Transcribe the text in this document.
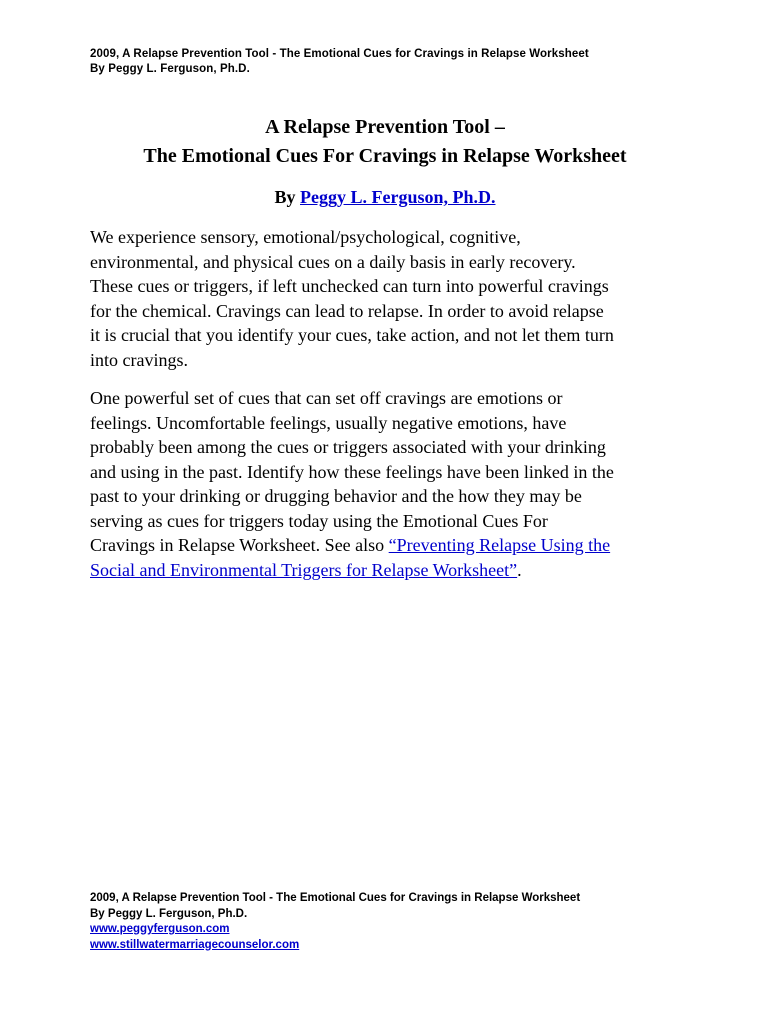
2009, A Relapse Prevention Tool - The Emotional Cues for Cravings in Relapse Worksheet
By Peggy L. Ferguson, Ph.D.
A Relapse Prevention Tool –
The Emotional Cues For Cravings in Relapse Worksheet
By Peggy L. Ferguson, Ph.D.
We experience sensory, emotional/psychological, cognitive,
environmental, and physical cues on a daily basis in early recovery.
These cues or triggers, if left unchecked can turn into powerful cravings
for the chemical. Cravings can lead to relapse. In order to avoid relapse
it is crucial that you identify your cues, take action, and not let them turn
into cravings.
One powerful set of cues that can set off cravings are emotions or
feelings. Uncomfortable feelings, usually negative emotions, have
probably been among the cues or triggers associated with your drinking
and using in the past. Identify how these feelings have been linked in the
past to your drinking or drugging behavior and the how they may be
serving as cues for triggers today using the Emotional Cues For
Cravings in Relapse Worksheet. See also “Preventing Relapse Using the
Social and Environmental Triggers for Relapse Worksheet”.
2009, A Relapse Prevention Tool - The Emotional Cues for Cravings in Relapse Worksheet
By Peggy L. Ferguson, Ph.D.
www.peggyferguson.com
www.stillwatermarriagecounselor.com
